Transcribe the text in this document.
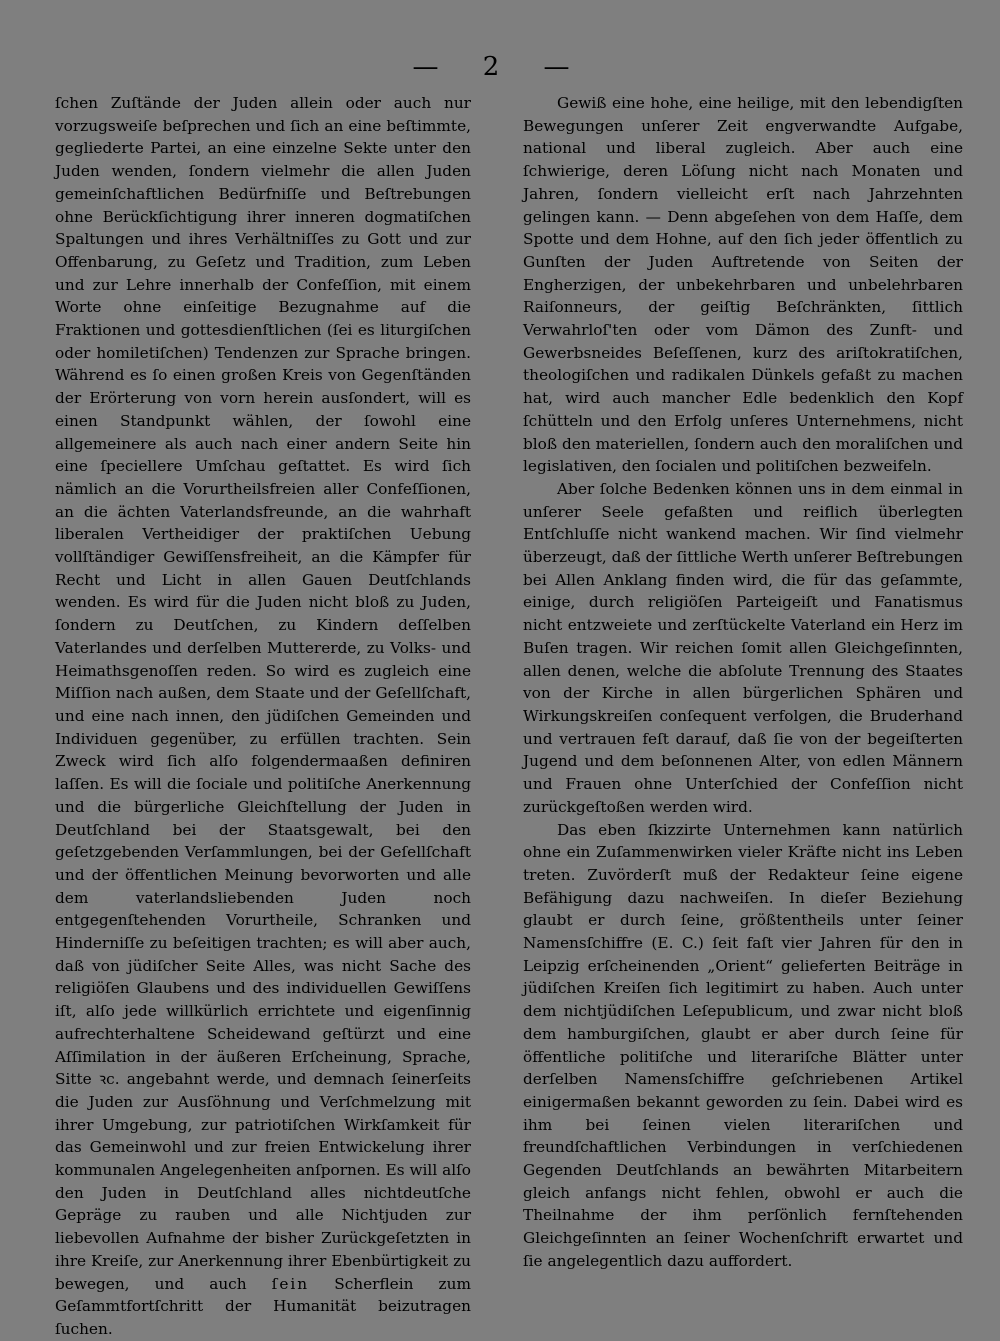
— 2 —

ſchen Zuſtände der Juden allein oder auch nur vorzugsweiſe beſprechen und ſich an eine beſtimmte, gegliederte Partei, an eine einzelne Sekte unter den Juden wenden, ſondern vielmehr die allen Juden gemeinſchaftlichen Bedürfniſſe und Beſtrebungen ohne Berückſichtigung ihrer inneren dogmatiſchen Spaltungen und ihres Verhältniſſes zu Gott und zur Offenbarung, zu Geſetz und Tradition, zum Leben und zur Lehre innerhalb der Confeſſion, mit einem Worte ohne einſeitige Bezugnahme auf die Fraktionen und gottesdienſtlichen (ſei es liturgiſchen oder homiletiſchen) Tendenzen zur Sprache bringen. Während es ſo einen großen Kreis von Gegenſtänden der Erörterung von vorn herein ausſondert, will es einen Standpunkt wählen, der ſowohl eine allgemeinere als auch nach einer andern Seite hin eine ſpeciellere Umſchau geſtattet. Es wird ſich nämlich an die Vorurtheilsfreien aller Confeſſionen, an die ächten Vaterlandsfreunde, an die wahrhaft liberalen Vertheidiger der praktiſchen Uebung vollſtändiger Gewiſſensfreiheit, an die Kämpfer für Recht und Licht in allen Gauen Deutſchlands wenden. Es wird für die Juden nicht bloß zu Juden, ſondern zu Deutſchen, zu Kindern deſſelben Vaterlandes und derſelben Muttererde, zu Volks- und Heimathsgenoſſen reden. So wird es zugleich eine Miſſion nach außen, dem Staate und der Geſellſchaft, und eine nach innen, den jüdiſchen Gemeinden und Individuen gegenüber, zu erfüllen trachten. Sein Zweck wird ſich alſo folgendermaaßen definiren laſſen. Es will die ſociale und politiſche Anerkennung und die bürgerliche Gleichſtellung der Juden in Deutſchland bei der Staatsgewalt, bei den geſetzgebenden Verſammlungen, bei der Geſellſchaft und der öffentlichen Meinung bevorworten und alle dem vaterlandsliebenden Juden noch entgegenſtehenden Vorurtheile, Schranken und Hinderniſſe zu beſeitigen trachten; es will aber auch, daß von jüdiſcher Seite Alles, was nicht Sache des religiöſen Glaubens und des individuellen Gewiſſens iſt, alſo jede willkürlich errichtete und eigenſinnig aufrechterhaltene Scheidewand geſtürzt und eine Aſſimilation in der äußeren Erſcheinung, Sprache, Sitte ꝛc. angebahnt werde, und demnach ſeinerſeits die Juden zur Ausſöhnung und Verſchmelzung mit ihrer Umgebung, zur patriotiſchen Wirkſamkeit für das Gemeinwohl und zur freien Entwickelung ihrer kommunalen Angelegenheiten anſpornen. Es will alſo den Juden in Deutſchland alles nichtdeutſche Gepräge zu rauben und alle Nichtjuden zur liebevollen Aufnahme der bisher Zurückgeſetzten in ihre Kreiſe, zur Anerkennung ihrer Ebenbürtigkeit zu bewegen, und auch ſein Scherflein zum Geſammtfortſchritt der Humanität beizutragen ſuchen.

Gewiß eine hohe, eine heilige, mit den lebendigſten Bewegungen unſerer Zeit engverwandte Aufgabe, national und liberal zugleich. Aber auch eine ſchwierige, deren Löſung nicht nach Monaten und Jahren, ſondern vielleicht erſt nach Jahrzehnten gelingen kann. — Denn abgeſehen von dem Haſſe, dem Spotte und dem Hohne, auf den ſich jeder öffentlich zu Gunſten der Juden Auftretende von Seiten der Engherzigen, der unbekehrbaren und unbelehrbaren Raiſonneurs, der geiſtig Beſchränkten, ſittlich Verwahrloſ'ten oder vom Dämon des Zunft- und Gewerbsneides Beſeſſenen, kurz des ariſtokratiſchen, theologiſchen und radikalen Dünkels gefaßt zu machen hat, wird auch mancher Edle bedenklich den Kopf ſchütteln und den Erfolg unſeres Unternehmens, nicht bloß den materiellen, ſondern auch den moraliſchen und legislativen, den ſocialen und politiſchen bezweifeln.

Aber ſolche Bedenken können uns in dem einmal in unſerer Seele gefaßten und reiflich überlegten Entſchluſſe nicht wankend machen. Wir ſind vielmehr überzeugt, daß der ſittliche Werth unſerer Beſtrebungen bei Allen Anklang finden wird, die für das geſammte, einige, durch religiöſen Parteigeiſt und Fanatismus nicht entzweiete und zerſtückelte Vaterland ein Herz im Buſen tragen. Wir reichen ſomit allen Gleichgeſinnten, allen denen, welche die abſolute Trennung des Staates von der Kirche in allen bürgerlichen Sphären und Wirkungskreiſen conſequent verfolgen, die Bruderhand und vertrauen feſt darauf, daß ſie von der begeiſterten Jugend und dem beſonnenen Alter, von edlen Männern und Frauen ohne Unterſchied der Confeſſion nicht zurückgeſtoßen werden wird.

Das eben ſkizzirte Unternehmen kann natürlich ohne ein Zuſammenwirken vieler Kräfte nicht ins Leben treten. Zuvörderſt muß der Redakteur ſeine eigene Befähigung dazu nachweiſen. In dieſer Beziehung glaubt er durch ſeine, größtentheils unter ſeiner Namensſchiffre (E. C.) ſeit faſt vier Jahren für den in Leipzig erſcheinenden „Orient“ gelieferten Beiträge in jüdiſchen Kreiſen ſich legitimirt zu haben. Auch unter dem nichtjüdiſchen Leſepublicum, und zwar nicht bloß dem hamburgiſchen, glaubt er aber durch ſeine für öffentliche politiſche und literariſche Blätter unter derſelben Namensſchiffre geſchriebenen Artikel einigermaßen bekannt geworden zu ſein. Dabei wird es ihm bei ſeinen vielen literariſchen und freundſchaftlichen Verbindungen in verſchiedenen Gegenden Deutſchlands an bewährten Mitarbeitern gleich anfangs nicht fehlen, obwohl er auch die Theilnahme der ihm perſönlich fernſtehenden Gleichgeſinnten an ſeiner Wochenſchrift erwartet und ſie angelegentlich dazu auffordert.
